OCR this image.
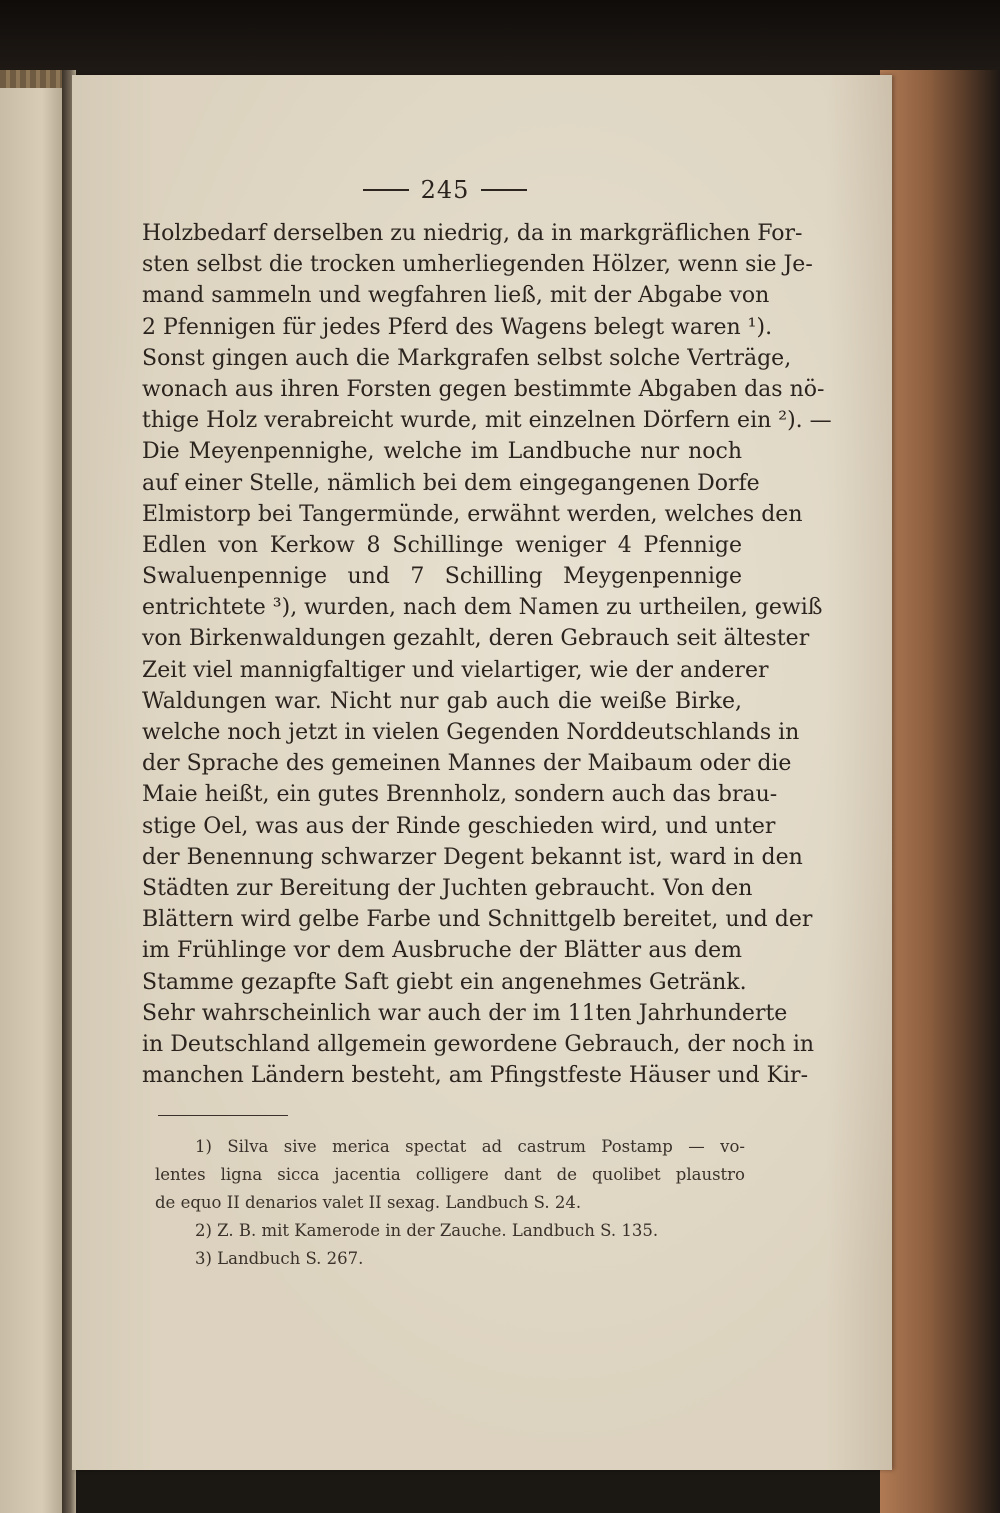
245
Holzbedarf derselben zu niedrig, da in markgräflichen For-
sten selbst die trocken umherliegenden Hölzer, wenn sie Je-
mand sammeln und wegfahren ließ, mit der Abgabe von
2 Pfennigen für jedes Pferd des Wagens belegt waren ¹).
Sonst gingen auch die Markgrafen selbst solche Verträge,
wonach aus ihren Forsten gegen bestimmte Abgaben das nö-
thige Holz verabreicht wurde, mit einzelnen Dörfern ein ²). —
Die Meyenpennighe, welche im Landbuche nur noch
auf einer Stelle, nämlich bei dem eingegangenen Dorfe
Elmistorp bei Tangermünde, erwähnt werden, welches den
Edlen von Kerkow 8 Schillinge weniger 4 Pfennige
Swaluenpennige und 7 Schilling Meygenpennige
entrichtete ³), wurden, nach dem Namen zu urtheilen, gewiß
von Birkenwaldungen gezahlt, deren Gebrauch seit ältester
Zeit viel mannigfaltiger und vielartiger, wie der anderer
Waldungen war. Nicht nur gab auch die weiße Birke,
welche noch jetzt in vielen Gegenden Norddeutschlands in
der Sprache des gemeinen Mannes der Maibaum oder die
Maie heißt, ein gutes Brennholz, sondern auch das brau-
stige Oel, was aus der Rinde geschieden wird, und unter
der Benennung schwarzer Degent bekannt ist, ward in den
Städten zur Bereitung der Juchten gebraucht. Von den
Blättern wird gelbe Farbe und Schnittgelb bereitet, und der
im Frühlinge vor dem Ausbruche der Blätter aus dem
Stamme gezapfte Saft giebt ein angenehmes Getränk.
Sehr wahrscheinlich war auch der im 11ten Jahrhunderte
in Deutschland allgemein gewordene Gebrauch, der noch in
manchen Ländern besteht, am Pfingstfeste Häuser und Kir-
1) Silva sive merica spectat ad castrum Postamp — vo-
lentes ligna sicca jacentia colligere dant de quolibet plaustro
de equo II denarios valet II sexag. Landbuch S. 24.
2) Z. B. mit Kamerode in der Zauche. Landbuch S. 135.
3) Landbuch S. 267.
